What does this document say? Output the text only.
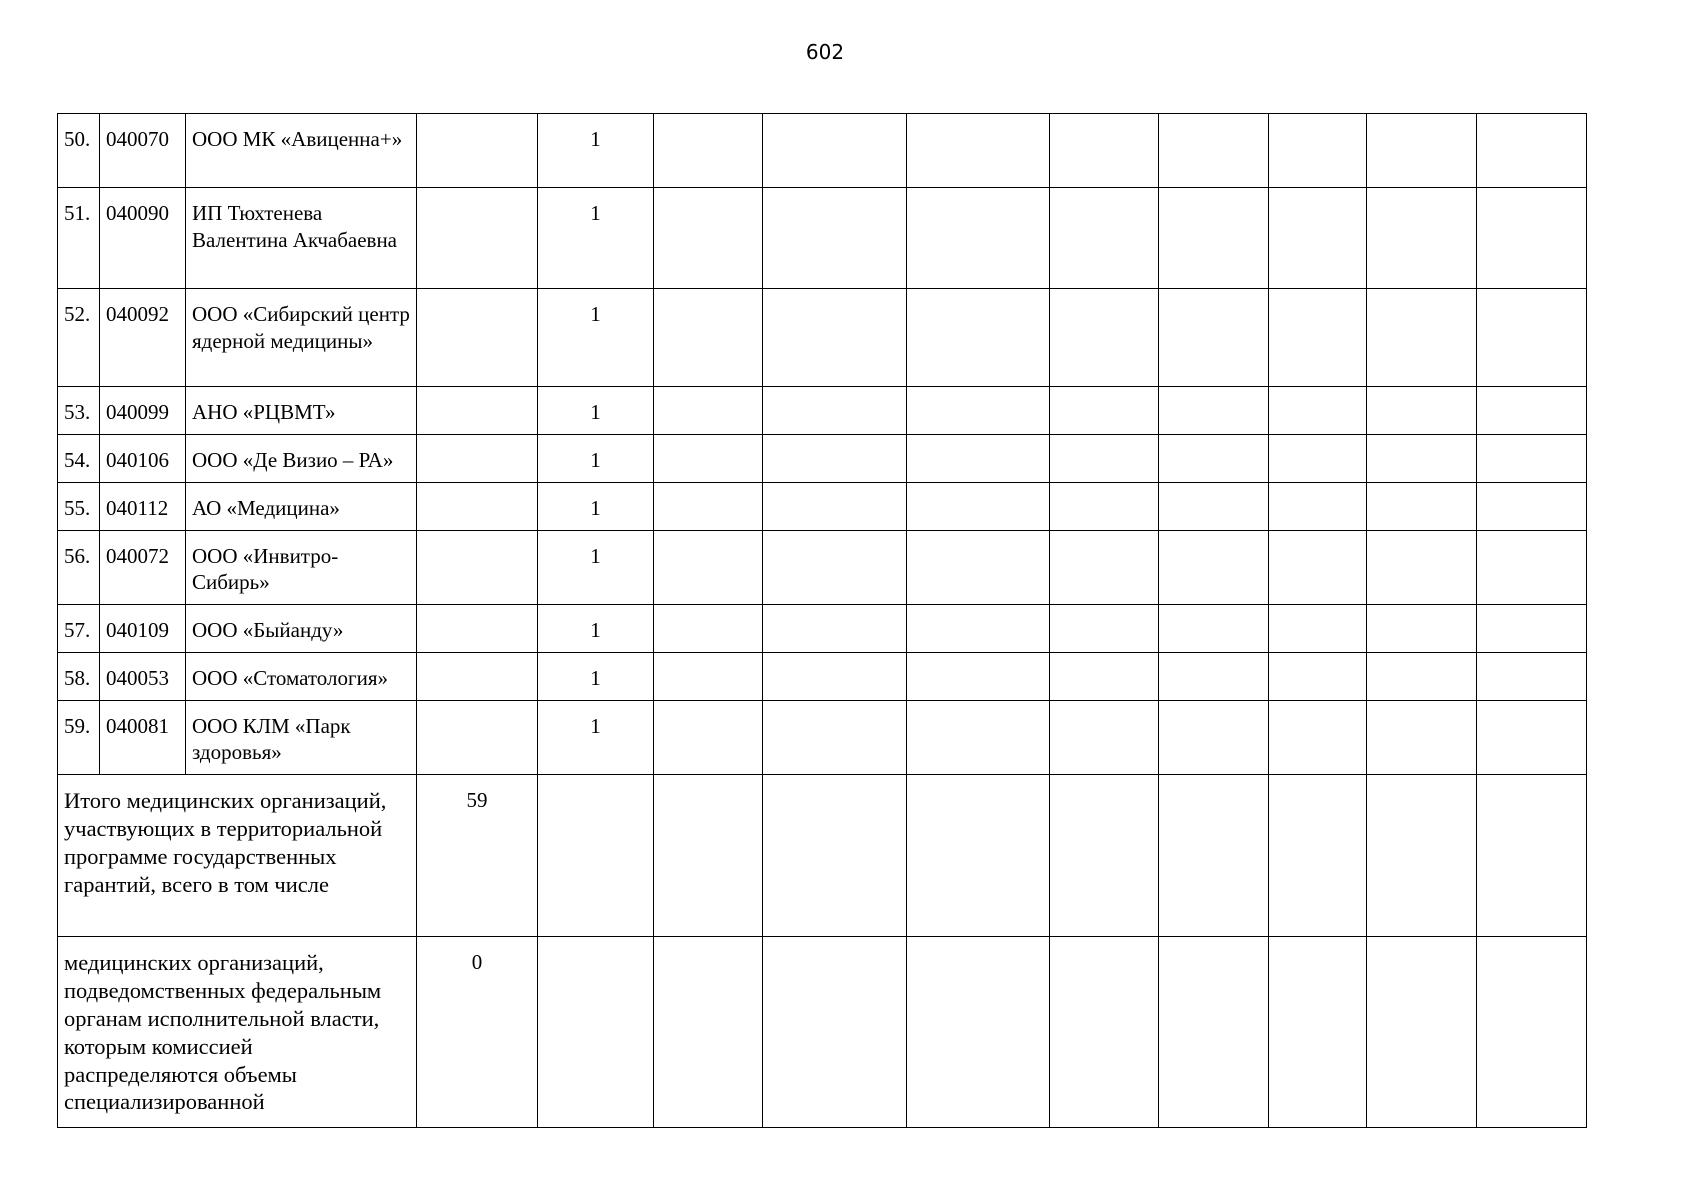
602
50.	040070	ООО МК «Авиценна+»		1								
51.	040090	ИП Тюхтенева Валентина Акчабаевна		1								
52.	040092	ООО «Сибирский центр ядерной медицины»		1								
53.	040099	АНО «РЦВМТ»		1								
54.	040106	ООО «Де Визио – РА»		1								
55.	040112	АО «Медицина»		1								
56.	040072	ООО «Инвитро-Сибирь»		1								
57.	040109	ООО «Быйанду»		1								
58.	040053	ООО «Стоматология»		1								
59.	040081	ООО КЛМ «Парк здоровья»		1								
Итого медицинских организаций, участвующих в территориальной программе государственных гарантий, всего в том числе			59									
медицинских организаций, подведомственных федеральным органам исполнительной власти, которым комиссией распределяются объемы специализированной			0									
